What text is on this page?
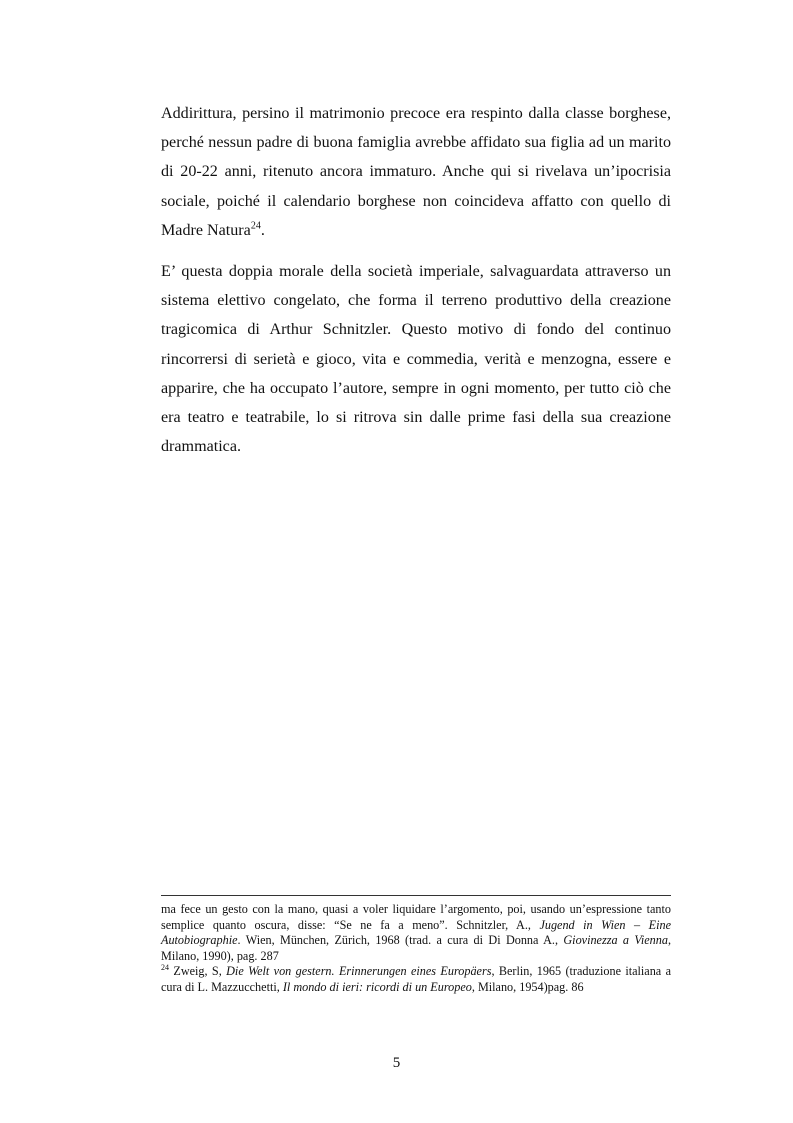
Addirittura, persino il matrimonio precoce era respinto dalla classe borghese, perché nessun padre di buona famiglia avrebbe affidato sua figlia ad un marito di 20-22 anni, ritenuto ancora immaturo. Anche qui si rivelava un’ipocrisia sociale, poiché il calendario borghese non coincideva affatto con quello di Madre Natura$^{24}$.

E’ questa doppia morale della società imperiale, salvaguardata attraverso un sistema elettivo congelato, che forma il terreno produttivo della creazione tragicomica di Arthur Schnitzler. Questo motivo di fondo del continuo rincorrersi di serietà e gioco, vita e commedia, verità e menzogna, essere e apparire, che ha occupato l’autore, sempre in ogni momento, per tutto ciò che era teatro e teatrabile, lo si ritrova sin dalle prime fasi della sua creazione drammatica.

ma fece un gesto con la mano, quasi a voler liquidare l’argomento, poi, usando un’espressione tanto semplice quanto oscura, disse: “Se ne fa a meno”. Schnitzler, A., Jugend in Wien – Eine Autobiographie. Wien, München, Zürich, 1968 (trad. a cura di Di Donna A., Giovinezza a Vienna, Milano, 1990), pag. 287

$^{24}$ Zweig, S, Die Welt von gestern. Erinnerungen eines Europäers, Berlin, 1965 (traduzione italiana a cura di L. Mazzucchetti, Il mondo di ieri: ricordi di un Europeo, Milano, 1954)pag. 86

5
